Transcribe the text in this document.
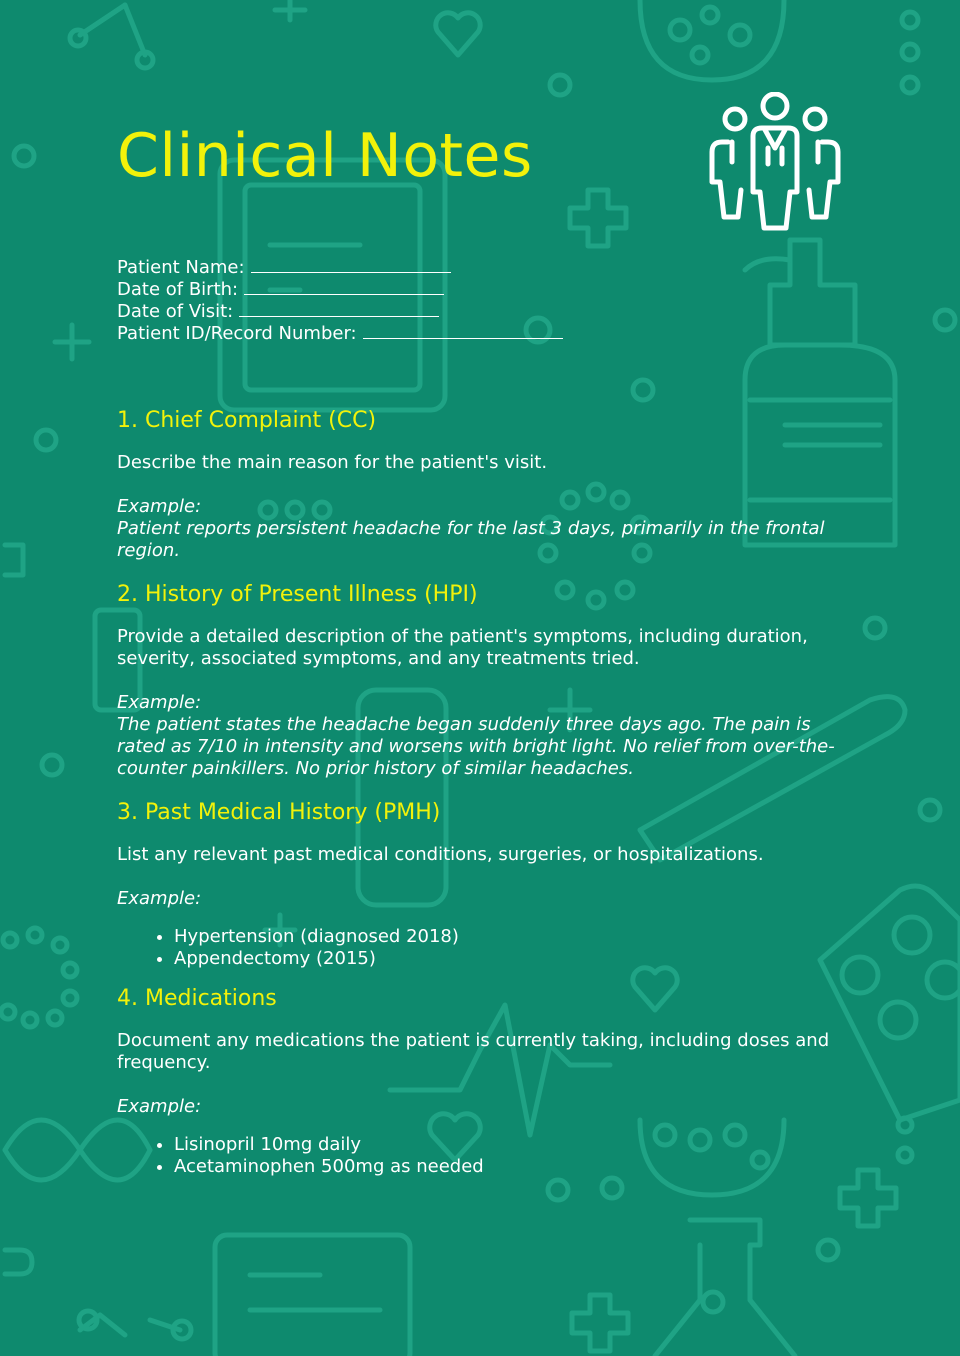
Clinical Notes
Patient Name:
Date of Birth:
Date of Visit:
Patient ID/Record Number:
1. Chief Complaint (CC)

Describe the main reason for the patient's visit.

Example:

Patient reports persistent headache for the last 3 days, primarily in the frontal region.

2. History of Present Illness (HPI)

Provide a detailed description of the patient's symptoms, including duration, severity, associated symptoms, and any treatments tried.

Example:

The patient states the headache began suddenly three days ago. The pain is rated as 7/10 in intensity and worsens with bright light. No relief from over-the-counter painkillers. No prior history of similar headaches.

3. Past Medical History (PMH)

List any relevant past medical conditions, surgeries, or hospitalizations.

Example:

• Hypertension (diagnosed 2018)
• Appendectomy (2015)
4. Medications

Document any medications the patient is currently taking, including doses and frequency.

Example:

• Lisinopril 10mg daily
• Acetaminophen 500mg as needed
